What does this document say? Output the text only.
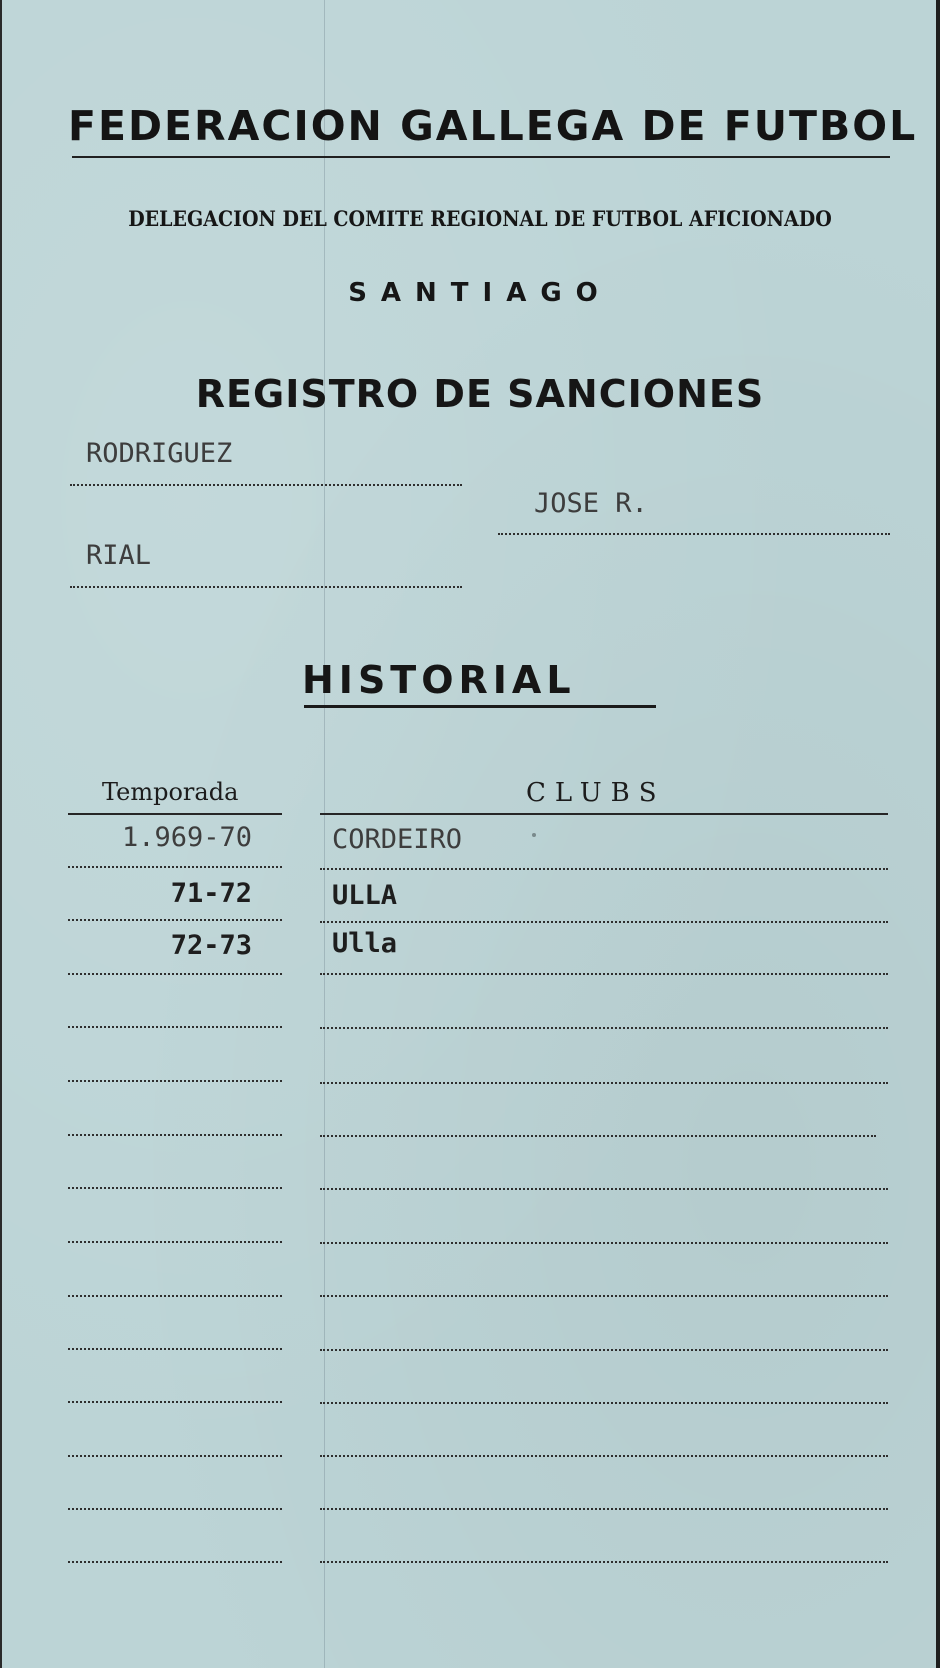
FEDERACION GALLEGA DE FUTBOL
DELEGACION DEL COMITE REGIONAL DE FUTBOL AFICIONADO
SANTIAGO
REGISTRO DE SANCIONES
RODRIGUEZ
JOSE R.
RIAL
HISTORIAL
Temporada	CLUBS
1.969-70	CORDEIRO
71-72	ULLA
72-73	Ulla
